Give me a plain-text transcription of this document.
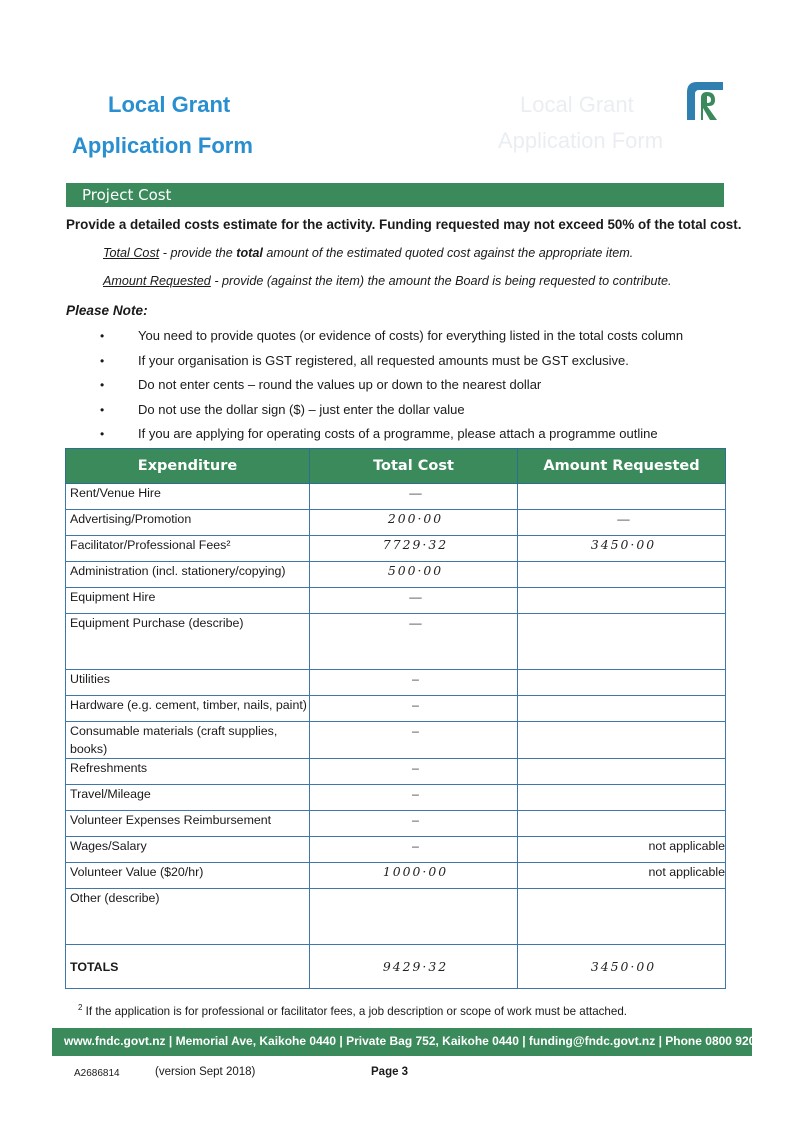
Local Grant
Application Form
Local Grant
Application Form
Project Cost
Provide a detailed costs estimate for the activity. Funding requested may not exceed 50% of the total cost.
Total Cost - provide the total amount of the estimated quoted cost against the appropriate item.
Amount Requested - provide (against the item) the amount the Board is being requested to contribute.
Please Note:
• You need to provide quotes (or evidence of costs) for everything listed in the total costs column
• If your organisation is GST registered, all requested amounts must be GST exclusive.
• Do not enter cents – round the values up or down to the nearest dollar
• Do not use the dollar sign ($) – just enter the dollar value
• If you are applying for operating costs of a programme, please attach a programme outline
Expenditure	Total Cost	Amount Requested
Rent/Venue Hire	—	
Advertising/Promotion	200·00	—
Facilitator/Professional Fees²	7729·32	3450·00
Administration (incl. stationery/copying)	500·00	
Equipment Hire	—	
Equipment Purchase (describe)	—	
Utilities	–	
Hardware (e.g. cement, timber, nails, paint)	–	
Consumable materials (craft supplies, books)	–	
Refreshments	–	
Travel/Mileage	–	
Volunteer Expenses Reimbursement	–	
Wages/Salary	–	not applicable
Volunteer Value ($20/hr)	1000·00	not applicable
Other (describe)		
TOTALS	9429·32	3450·00
$^2$ If the application is for professional or facilitator fees, a job description or scope of work must be attached.
www.fndc.govt.nz | Memorial Ave, Kaikohe 0440 | Private Bag 752, Kaikohe 0440 | funding@fndc.govt.nz | Phone 0800 920 029
A2686814	(version Sept 2018)	Page 3
